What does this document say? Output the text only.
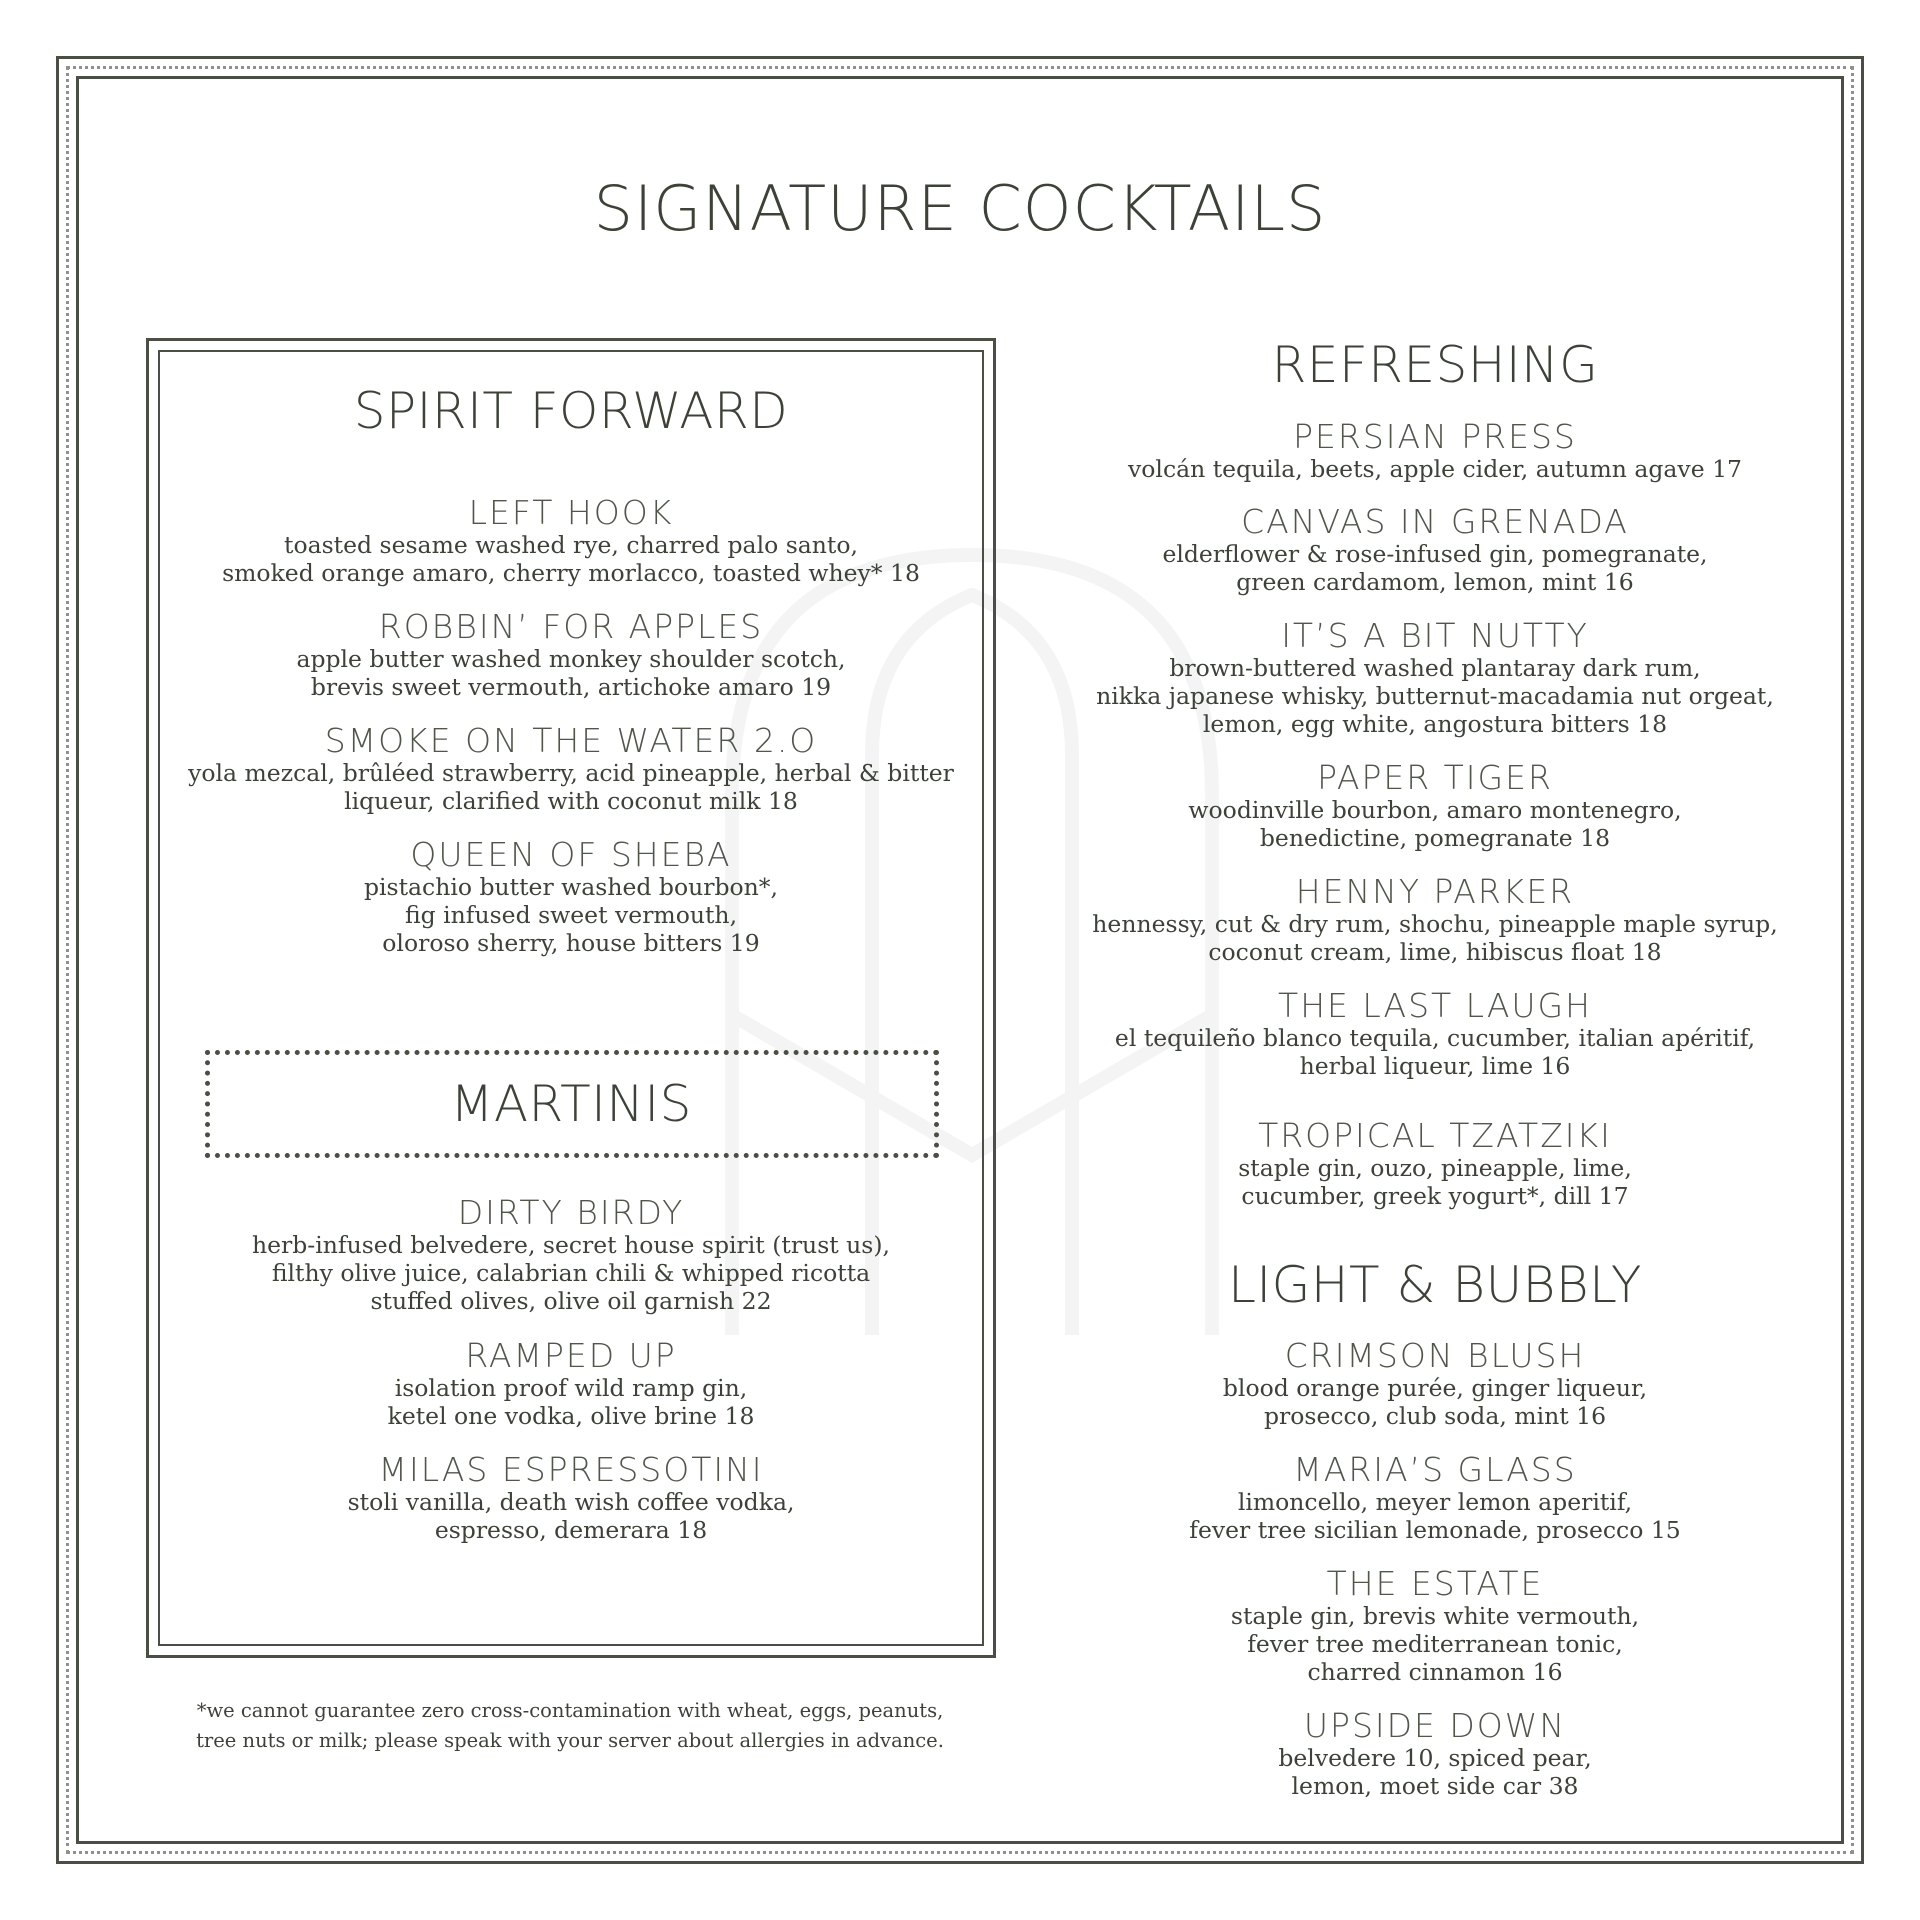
SIGNATURE COCKTAILS
SPIRIT FORWARD
LEFT HOOK
toasted sesame washed rye, charred palo santo,
smoked orange amaro, cherry morlacco, toasted whey* 18
ROBBIN’ FOR APPLES
apple butter washed monkey shoulder scotch,
brevis sweet vermouth, artichoke amaro 19
SMOKE ON THE WATER 2.O
yola mezcal, brûléed strawberry, acid pineapple, herbal & bitter
liqueur, clarified with coconut milk 18
QUEEN OF SHEBA
pistachio butter washed bourbon*,
fig infused sweet vermouth,
oloroso sherry, house bitters 19
MARTINIS
DIRTY BIRDY
herb-infused belvedere, secret house spirit (trust us),
filthy olive juice, calabrian chili & whipped ricotta
stuffed olives, olive oil garnish 22
RAMPED UP
isolation proof wild ramp gin,
ketel one vodka, olive brine 18
MILAS ESPRESSOTINI
stoli vanilla, death wish coffee vodka,
espresso, demerara 18
*we cannot guarantee zero cross-contamination with wheat, eggs, peanuts,
tree nuts or milk; please speak with your server about allergies in advance.
REFRESHING
PERSIAN PRESS
volcán tequila, beets, apple cider, autumn agave 17
CANVAS IN GRENADA
elderflower & rose-infused gin, pomegranate,
green cardamom, lemon, mint 16
IT’S A BIT NUTTY
brown-buttered washed plantaray dark rum,
nikka japanese whisky, butternut-macadamia nut orgeat,
lemon, egg white, angostura bitters 18
PAPER TIGER
woodinville bourbon, amaro montenegro,
benedictine, pomegranate 18
HENNY PARKER
hennessy, cut & dry rum, shochu, pineapple maple syrup,
coconut cream, lime, hibiscus float 18
THE LAST LAUGH
el tequileño blanco tequila, cucumber, italian apéritif,
herbal liqueur, lime 16
TROPICAL TZATZIKI
staple gin, ouzo, pineapple, lime,
cucumber, greek yogurt*, dill 17
LIGHT & BUBBLY
CRIMSON BLUSH
blood orange purée, ginger liqueur,
prosecco, club soda, mint 16
MARIA’S GLASS
limoncello, meyer lemon aperitif,
fever tree sicilian lemonade, prosecco 15
THE ESTATE
staple gin, brevis white vermouth,
fever tree mediterranean tonic,
charred cinnamon 16
UPSIDE DOWN
belvedere 10, spiced pear,
lemon, moet side car 38
